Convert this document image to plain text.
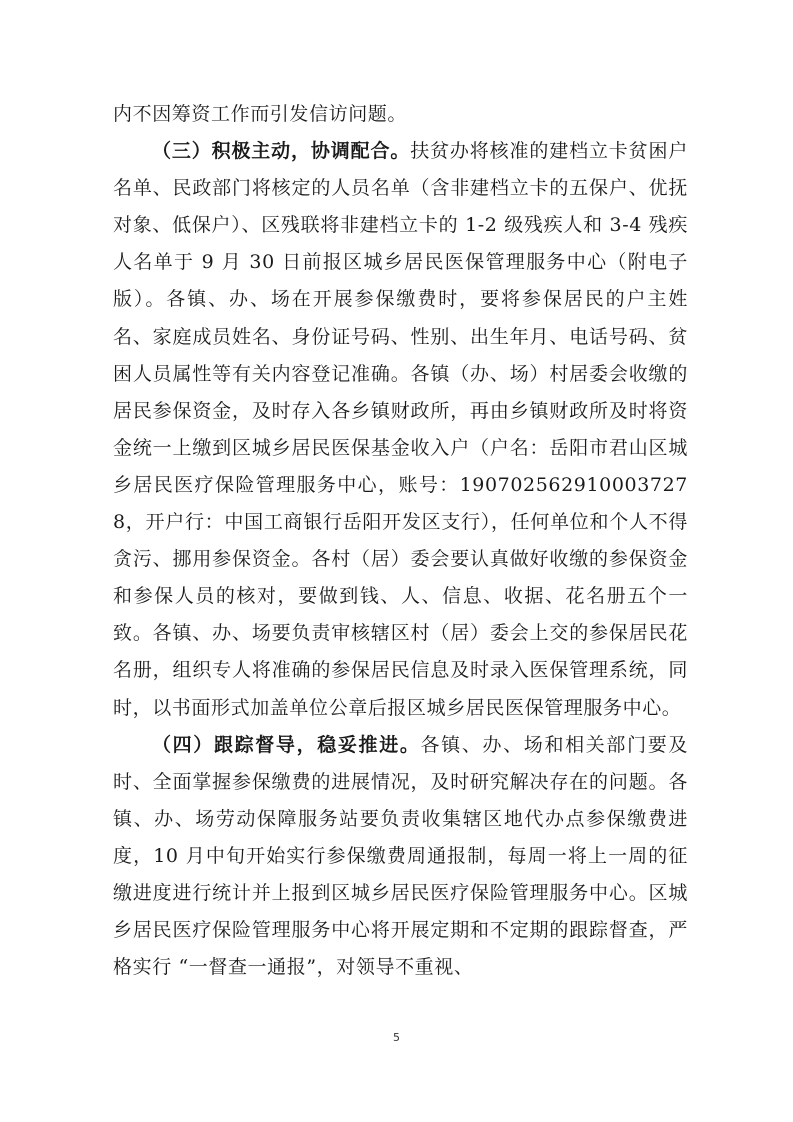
内不因筹资工作而引发信访问题。

（三）积极主动，协调配合。扶贫办将核准的建档立卡贫困户名单、民政部门将核定的人员名单（含非建档立卡的五保户、优抚对象、低保户）、区残联将非建档立卡的 1-2 级残疾人和 3-4 残疾人名单于 9 月 30 日前报区城乡居民医保管理服务中心（附电子版）。各镇、办、场在开展参保缴费时，要将参保居民的户主姓名、家庭成员姓名、身份证号码、性别、出生年月、电话号码、贫困人员属性等有关内容登记准确。各镇（办、场）村居委会收缴的居民参保资金，及时存入各乡镇财政所，再由乡镇财政所及时将资金统一上缴到区城乡居民医保基金收入户（户名：岳阳市君山区城乡居民医疗保险管理服务中心，账号：1907025629100037278，开户行：中国工商银行岳阳开发区支行），任何单位和个人不得贪污、挪用参保资金。各村（居）委会要认真做好收缴的参保资金和参保人员的核对，要做到钱、人、信息、收据、花名册五个一致。各镇、办、场要负责审核辖区村（居）委会上交的参保居民花名册，组织专人将准确的参保居民信息及时录入医保管理系统，同时，以书面形式加盖单位公章后报区城乡居民医保管理服务中心。

（四）跟踪督导，稳妥推进。各镇、办、场和相关部门要及时、全面掌握参保缴费的进展情况，及时研究解决存在的问题。各镇、办、场劳动保障服务站要负责收集辖区地代办点参保缴费进度，10 月中旬开始实行参保缴费周通报制，每周一将上一周的征缴进度进行统计并上报到区城乡居民医疗保险管理服务中心。区城乡居民医疗保险管理服务中心将开展定期和不定期的跟踪督查，严格实行 “一督查一通报”，对领导不重视、

5
